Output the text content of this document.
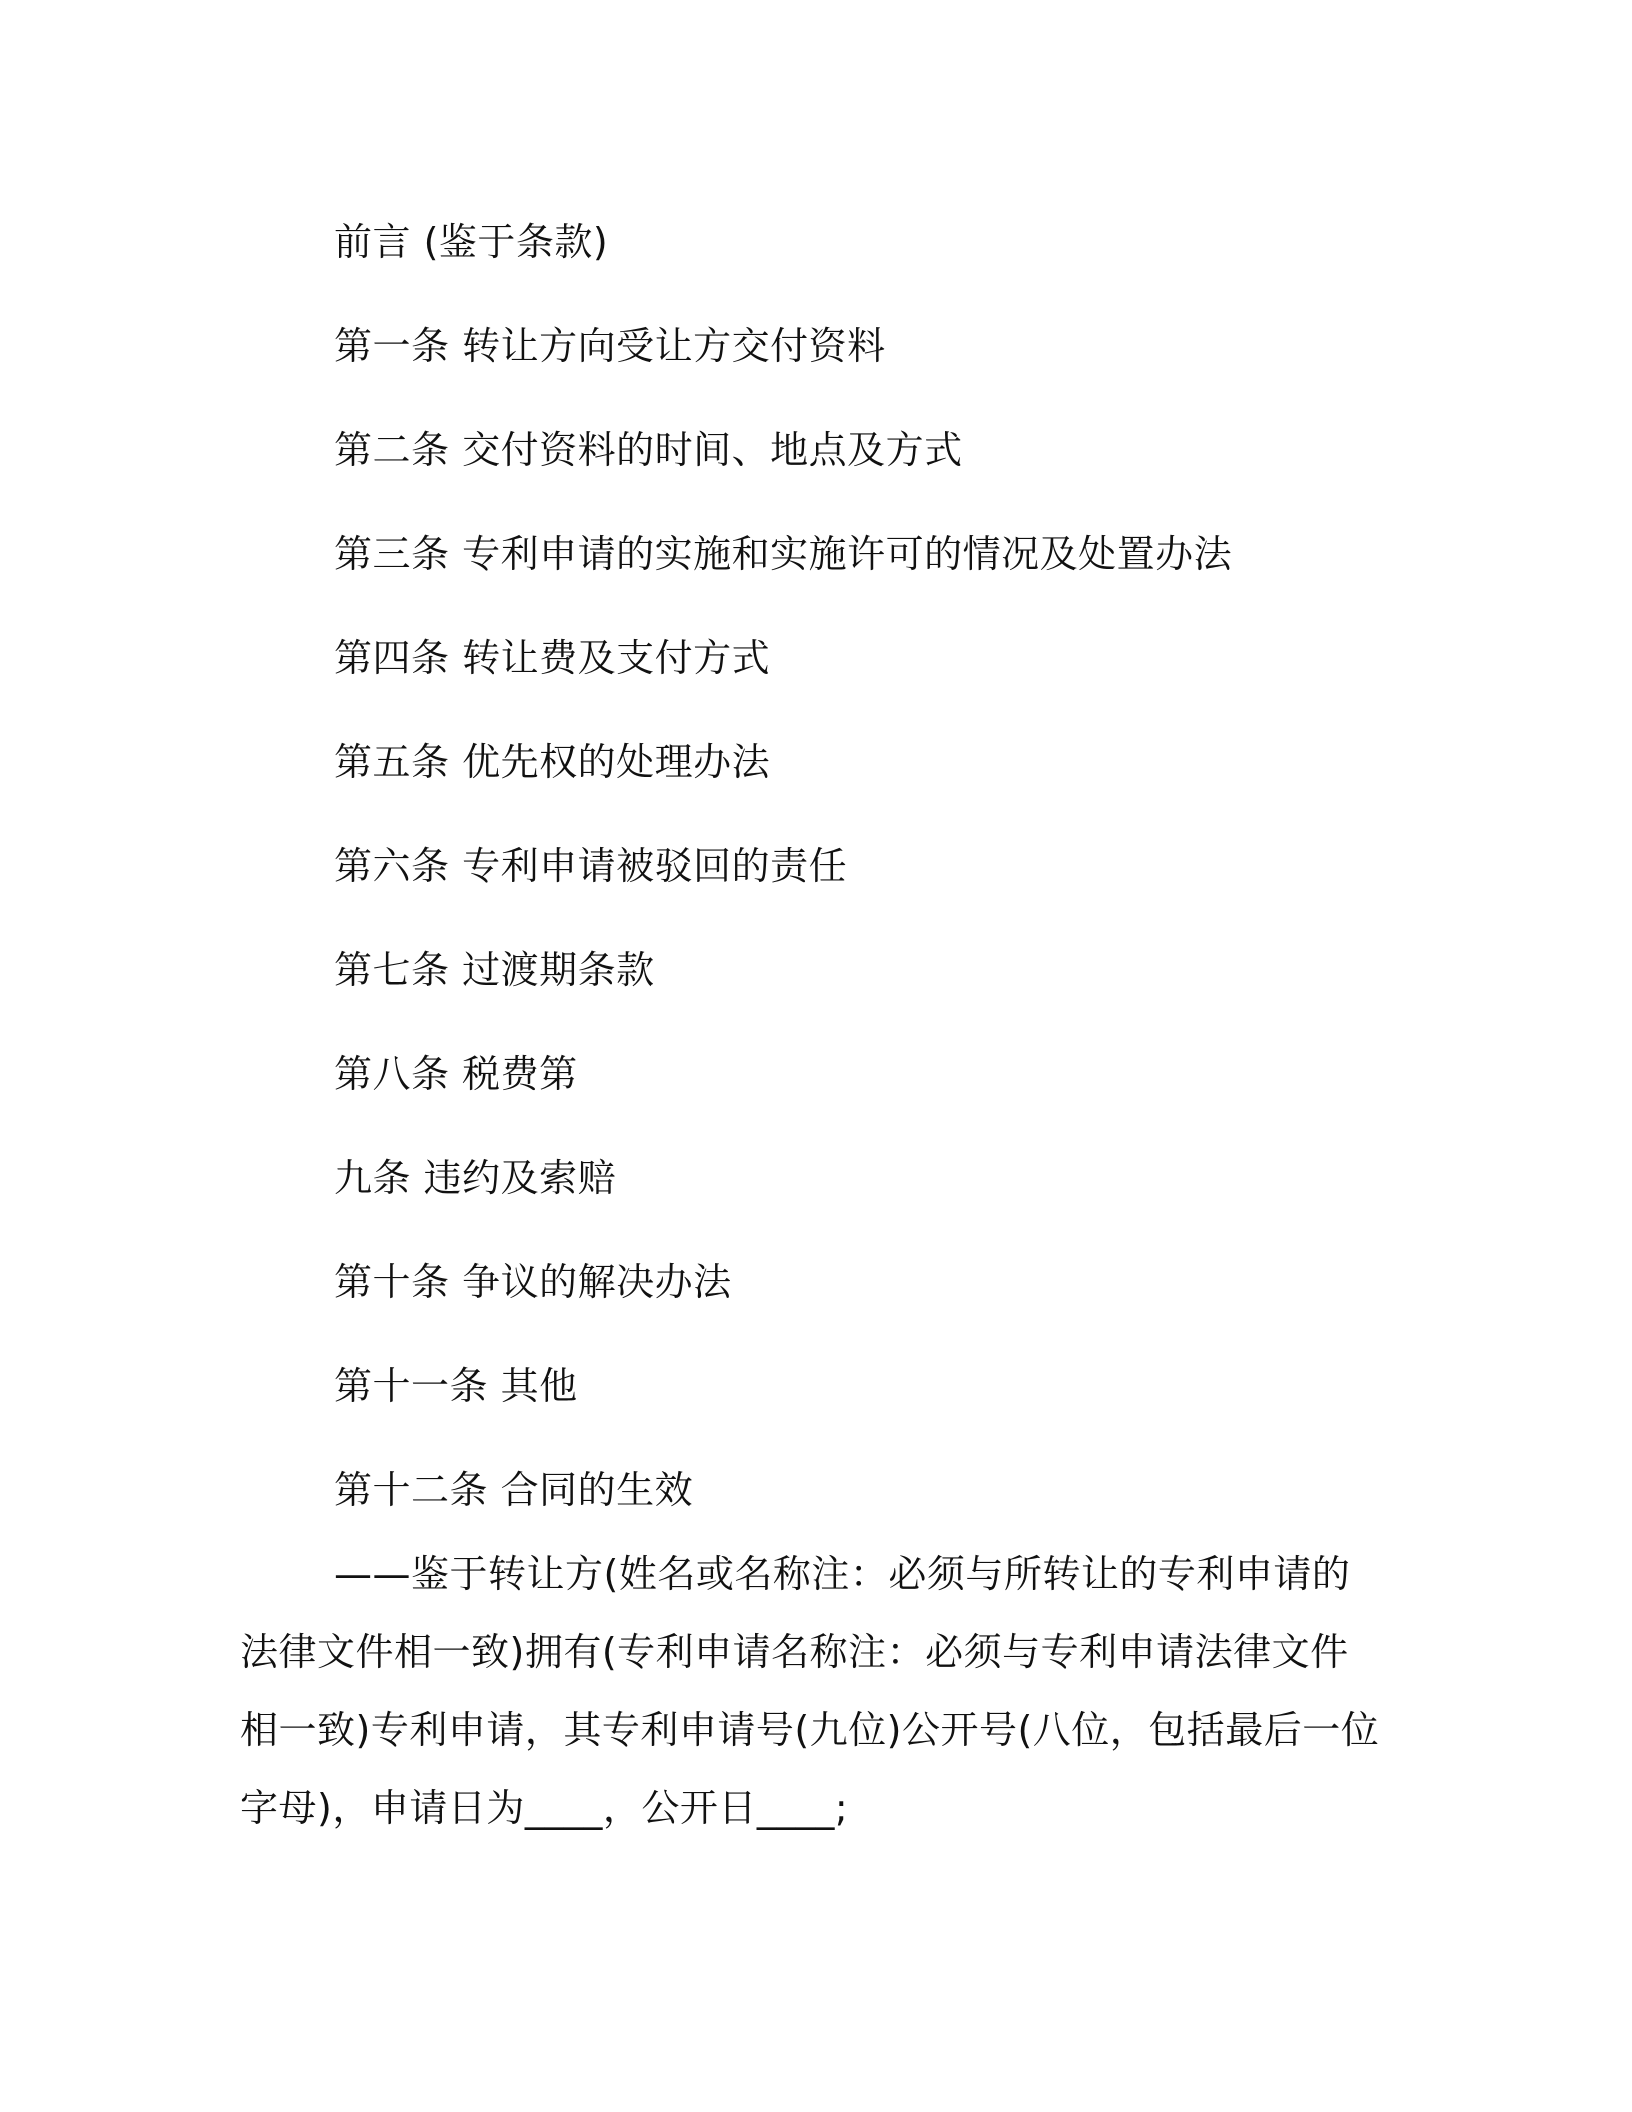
前言 (鉴于条款)
第一条 转让方向受让方交付资料
第二条 交付资料的时间、地点及方式
第三条 专利申请的实施和实施许可的情况及处置办法
第四条 转让费及支付方式
第五条 优先权的处理办法
第六条 专利申请被驳回的责任
第七条 过渡期条款
第八条 税费第
九条 违约及索赔
第十条 争议的解决办法
第十一条 其他
第十二条 合同的生效

——鉴于转让方(姓名或名称注：必须与所转让的专利申请的法律文件相一致)拥有(专利申请名称注：必须与专利申请法律文件相一致)专利申请，其专利申请号(九位)公开号(八位，包括最后一位字母)，申请日为____，公开日____;
